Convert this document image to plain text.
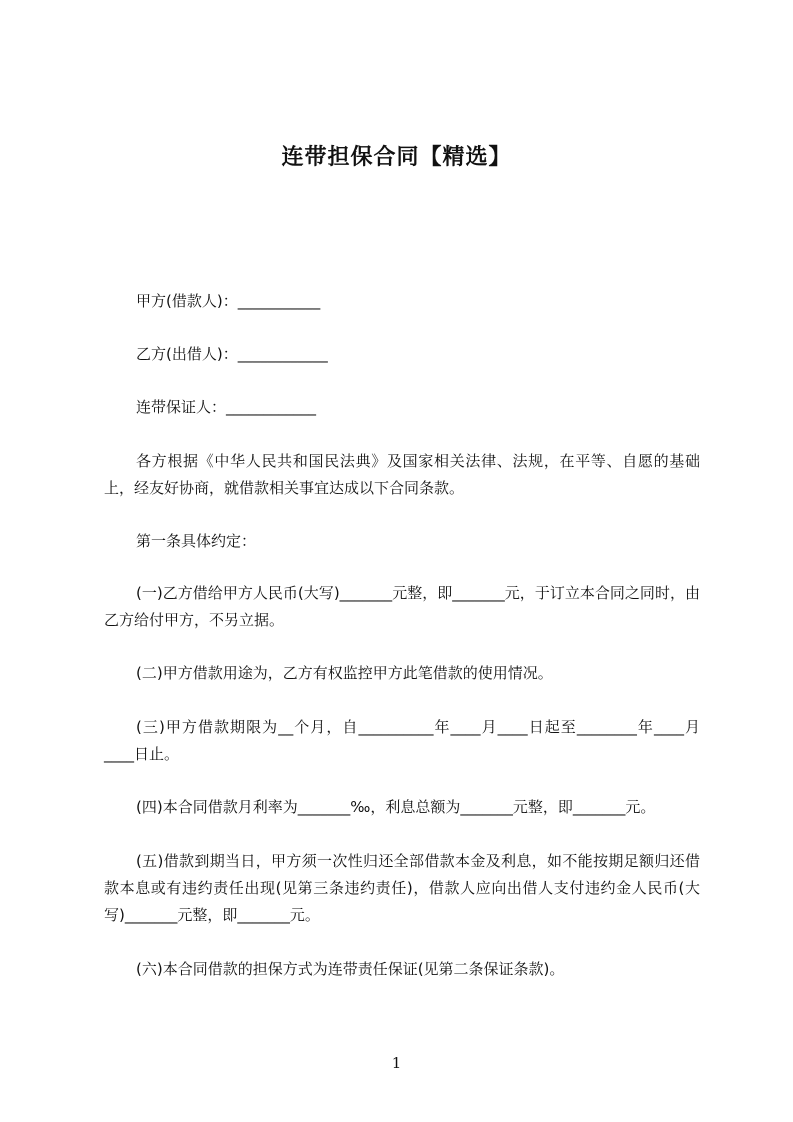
连带担保合同【精选】
甲方(借款人)：___________
乙方(出借人)：____________
连带保证人：____________
各方根据《中华人民共和国民法典》及国家相关法律、法规，在平等、自愿的基础上，经友好协商，就借款相关事宜达成以下合同条款。
第一条具体约定：
(一)乙方借给甲方人民币(大写)_______元整，即_______元，于订立本合同之同时，由乙方给付甲方，不另立据。
(二)甲方借款用途为，乙方有权监控甲方此笔借款的使用情况。
(三)甲方借款期限为__个月，自__________年____月____日起至________年____月____日止。
(四)本合同借款月利率为_______‰，利息总额为_______元整，即_______元。
(五)借款到期当日，甲方须一次性归还全部借款本金及利息，如不能按期足额归还借款本息或有违约责任出现(见第三条违约责任)，借款人应向出借人支付违约金人民币(大写)_______元整，即_______元。
(六)本合同借款的担保方式为连带责任保证(见第二条保证条款)。
1
